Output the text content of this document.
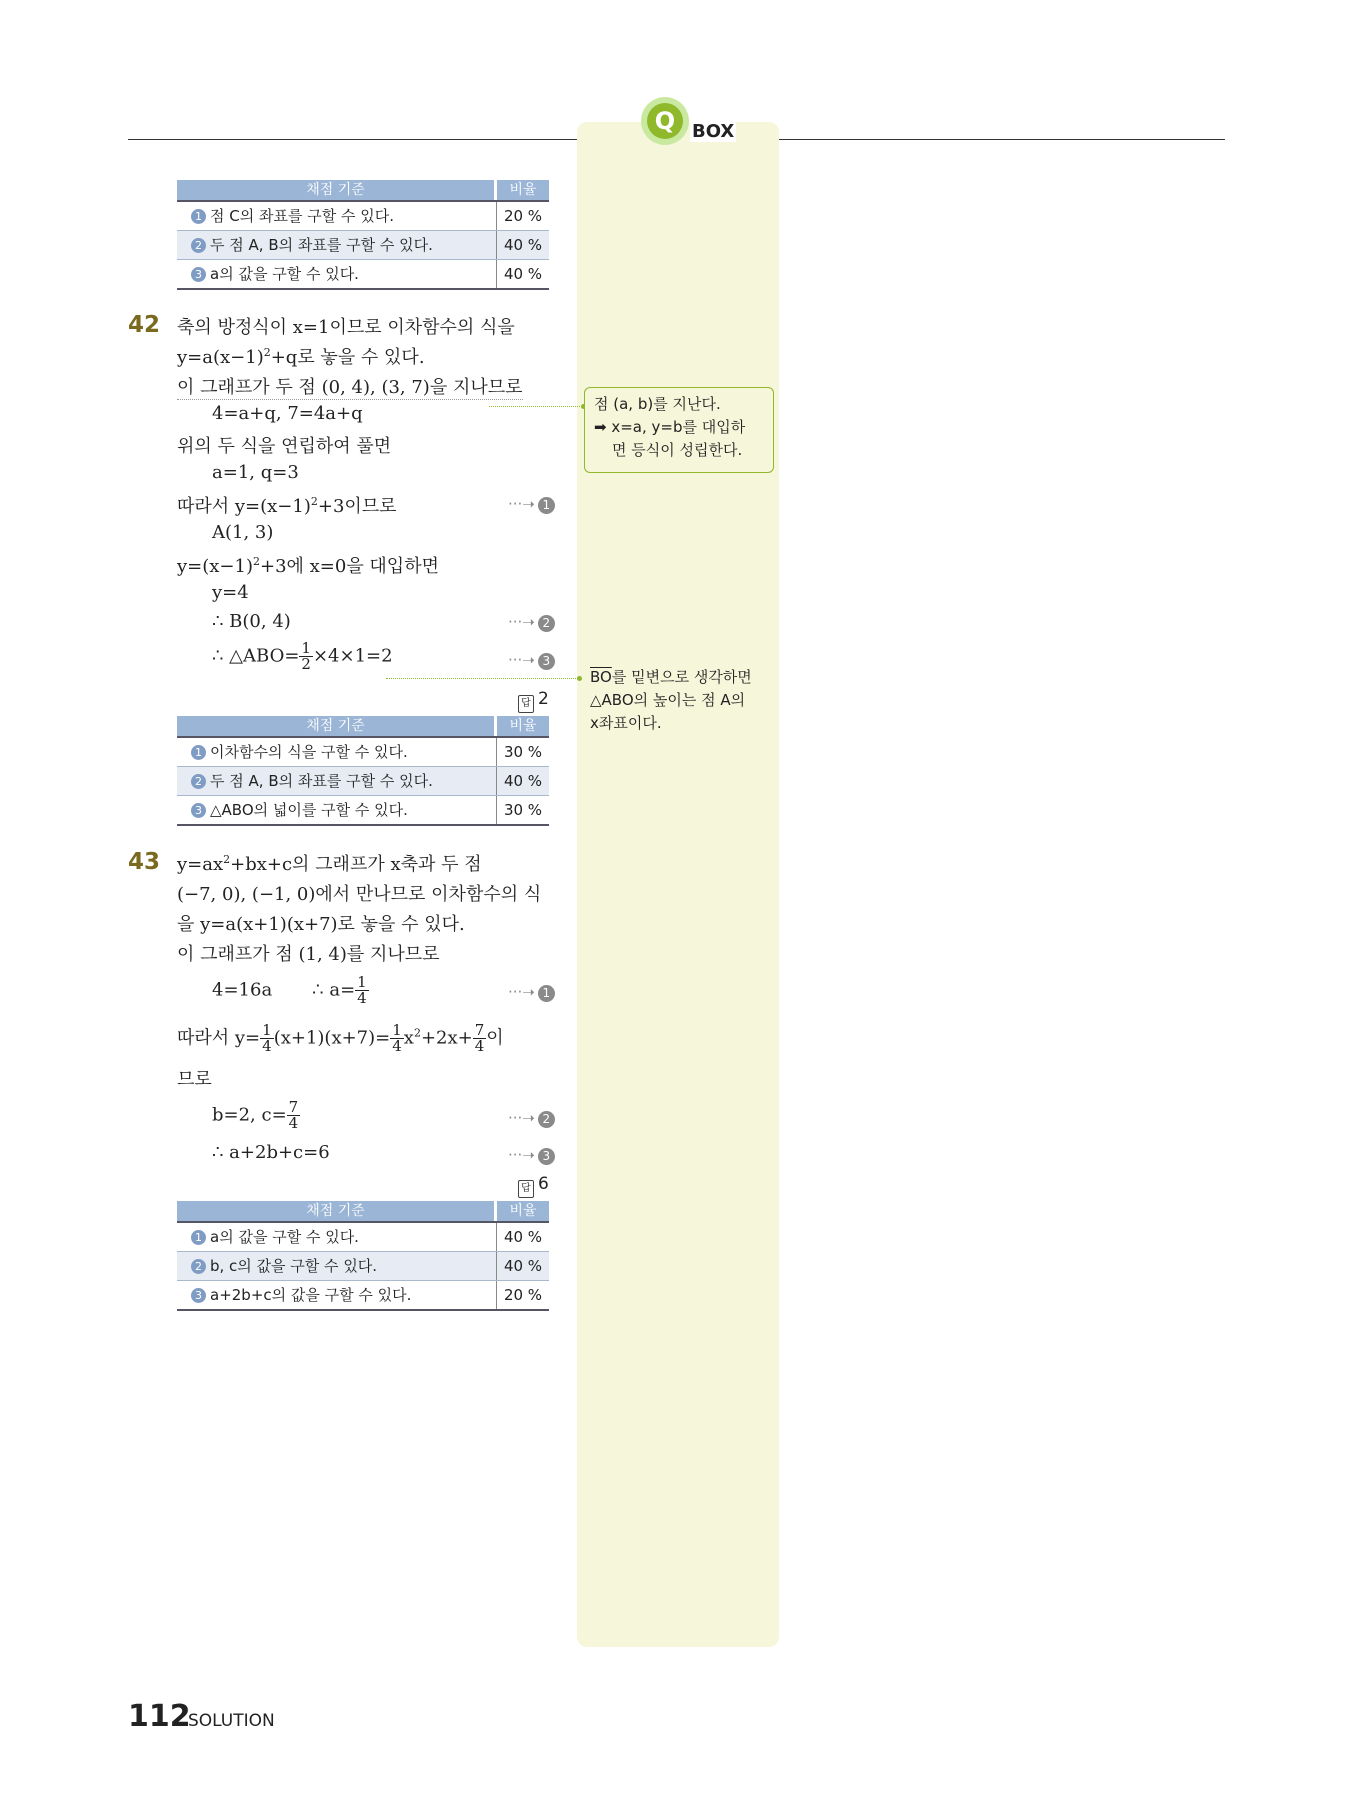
Q BOX
채점 기준	비율
1 점 C의 좌표를 구할 수 있다.	20 %
2 두 점 A, B의 좌표를 구할 수 있다.	40 %
3 a의 값을 구할 수 있다.	40 %
42 축의 방정식이 x=1이므로 이차함수의 식을
$y=a(x-1)^2+q$로 놓을 수 있다.
이 그래프가 두 점 (0, 4), (3, 7)을 지나므로
4=a+q, 7=4a+q
위의 두 식을 연립하여 풀면
a=1, q=3
따라서 $y=(x-1)^2+3$이므로	···➝ 1
A(1, 3)
$y=(x-1)^2+3$에 x=0을 대입하면
y=4
∴ B(0, 4)	···➝ 2
∴ △ABO= $\frac{1}{2} \times 4\times 1=2$	···➝ 3
답 2
채점 기준	비율
1 이차함수의 식을 구할 수 있다.	30 %
2 두 점 A, B의 좌표를 구할 수 있다.	40 %
3 △ABO의 넓이를 구할 수 있다.	30 %
43 $y=ax^2+bx+c$의 그래프가 x축과 두 점
(−7, 0), (−1, 0)에서 만나므로 이차함수의 식
을 y=a(x+1)(x+7)로 놓을 수 있다.
이 그래프가 점 (1, 4)를 지나므로
4=16a ∴ $a= \frac{1}{4}$	···➝ 1
따라서 $y= \frac{1}{4} (x+1)(x+7)= \frac{1}{4} x^2+2x+ \frac{7}{4}$ 이
므로
b=2, $c= \frac{7}{4}$	···➝ 2
∴ a+2b+c=6	···➝ 3
답 6
채점 기준	비율
1 a의 값을 구할 수 있다.	40 %
2 b, c의 값을 구할 수 있다.	40 %
3 a+2b+c의 값을 구할 수 있다.	20 %
점 (a, b)를 지난다.
➡ x=a, y=b를 대입하
면 등식이 성립한다.
$\overline{BO}$를 밑변으로 생각하면
△ABO의 높이는 점 A의
x좌표이다.
112
SOLUTION
